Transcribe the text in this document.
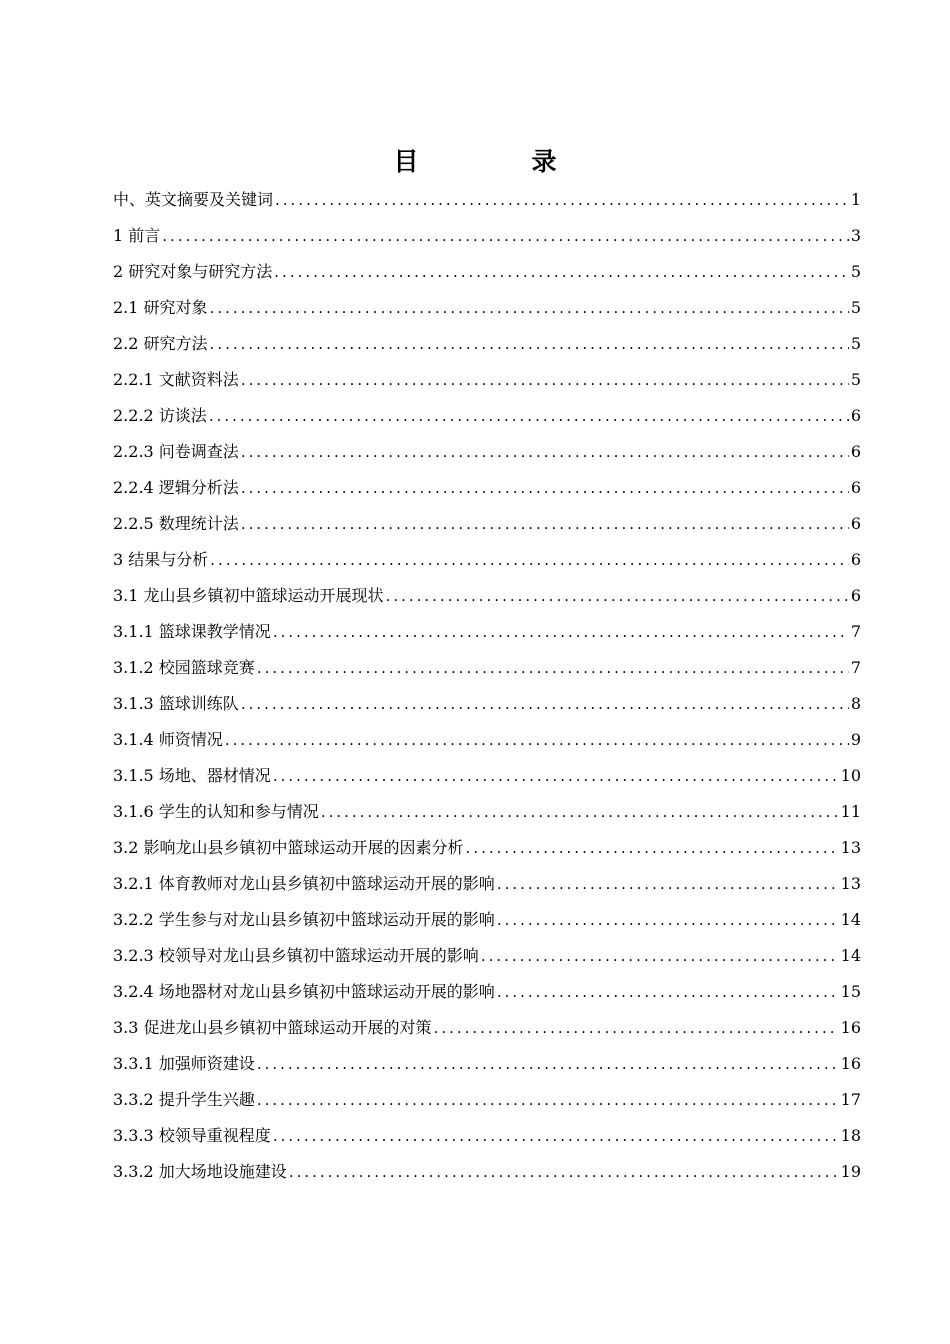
目　录
中、英文摘要及关键词 .....	1
1 前言 .....	3
2 研究对象与研究方法 .....	5
2.1 研究对象 .....	5
2.2 研究方法 .....	5
2.2.1 文献资料法 .....	5
2.2.2 访谈法 .....	6
2.2.3 问卷调查法 .....	6
2.2.4 逻辑分析法 .....	6
2.2.5 数理统计法 .....	6
3 结果与分析 .....	6
3.1 龙山县乡镇初中篮球运动开展现状 .....	6
3.1.1 篮球课教学情况 .....	7
3.1.2 校园篮球竞赛 .....	7
3.1.3 篮球训练队 .....	8
3.1.4 师资情况 .....	9
3.1.5 场地、器材情况 .....	10
3.1.6 学生的认知和参与情况 .....	11
3.2 影响龙山县乡镇初中篮球运动开展的因素分析 .....	13
3.2.1 体育教师对龙山县乡镇初中篮球运动开展的影响 .....	13
3.2.2 学生参与对龙山县乡镇初中篮球运动开展的影响 .....	14
3.2.3 校领导对龙山县乡镇初中篮球运动开展的影响 .....	14
3.2.4 场地器材对龙山县乡镇初中篮球运动开展的影响 .....	15
3.3 促进龙山县乡镇初中篮球运动开展的对策 .....	16
3.3.1 加强师资建设 .....	16
3.3.2 提升学生兴趣 .....	17
3.3.3 校领导重视程度 .....	18
3.3.2 加大场地设施建设 .....	19
